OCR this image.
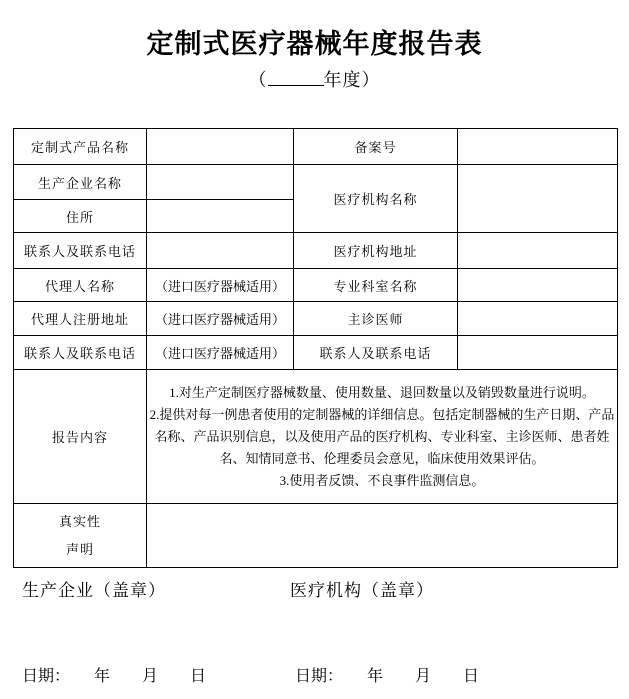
定制式医疗器械年度报告表
（	年度）
定制式产品名称		备案号	
生产企业名称		医疗机构名称	
住所			
联系人及联系电话		医疗机构地址	
代理人名称	（进口医疗器械适用）	专业科室名称	
代理人注册地址	（进口医疗器械适用）	主诊医师	
联系人及联系电话	（进口医疗器械适用）	联系人及联系电话	
报告内容	1.对生产定制医疗器械数量、使用数量、退回数量以及销毁数量进行说明。
2.提供对每一例患者使用的定制器械的详细信息。包括定制器械的生产日期、产品名称、产品识别信息，以及使用产品的医疗机构、专业科室、主诊医师、患者姓名、知情同意书、伦理委员会意见，临床使用效果评估。
3.使用者反馈、不良事件监测信息。		

真实性
声明			

生产企业（盖章）	医疗机构（盖章）
日期：　　年　　月　　日	日期：　　年　　月　　日
